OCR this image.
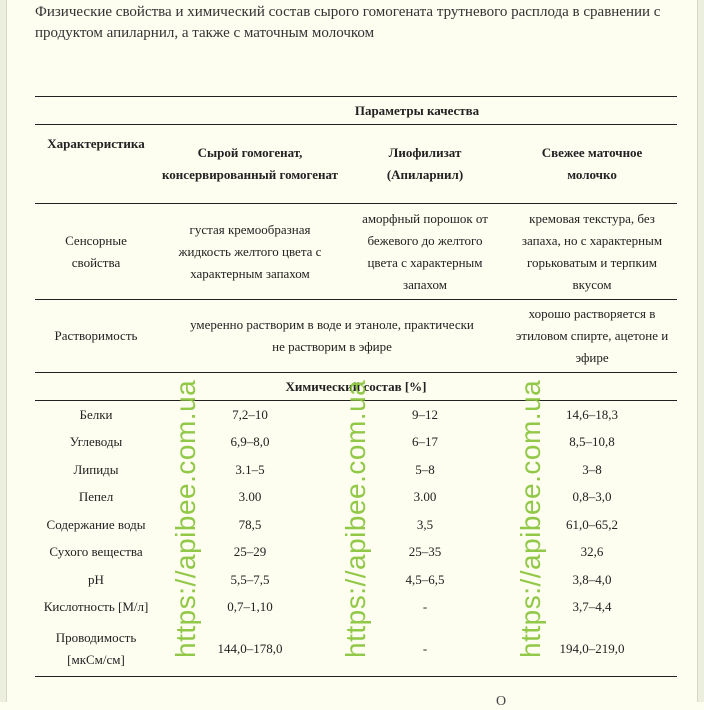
Физические свойства и химический состав сырого гомогената трутневого расплода в сравнении с продуктом апиларнил, а также с маточным молочком
	Параметры качества		
Характеристика	Сырой гомогенат, консервированный гомогенат	Лиофилизат (Апиларнил)	Свежее маточное молочко
Сенсорные свойства	густая кремообразная жидкость желтого цвета с характерным запахом	аморфный порошок от бежевого до желтого цвета с характерным запахом	кремовая текстура, без запаха, но с характерным горьковатым и терпким вкусом
Растворимость	умеренно растворим в воде и этаноле, практически не растворим в эфире		хорошо растворяется в этиловом спирте, ацетоне и эфире
Химический состав [%]			
Белки	7,2–10	9–12	14,6–18,3
Углеводы	6,9–8,0	6–17	8,5–10,8
Липиды	3.1–5	5–8	3–8
Пепел	3.00	3.00	0,8–3,0
Содержание воды	78,5	3,5	61,0–65,2
Сухого вещества	25–29	25–35	32,6
pH	5,5–7,5	4,5–6,5	3,8–4,0
Кислотность [М/л]	0,7–1,10	-	3,7–4,4
Проводимость [мкСм/см]	144,0–178,0	-	194,0–219,0
https://apibee.com.ua	https://apibee.com.ua	https://apibee.com.ua
О
